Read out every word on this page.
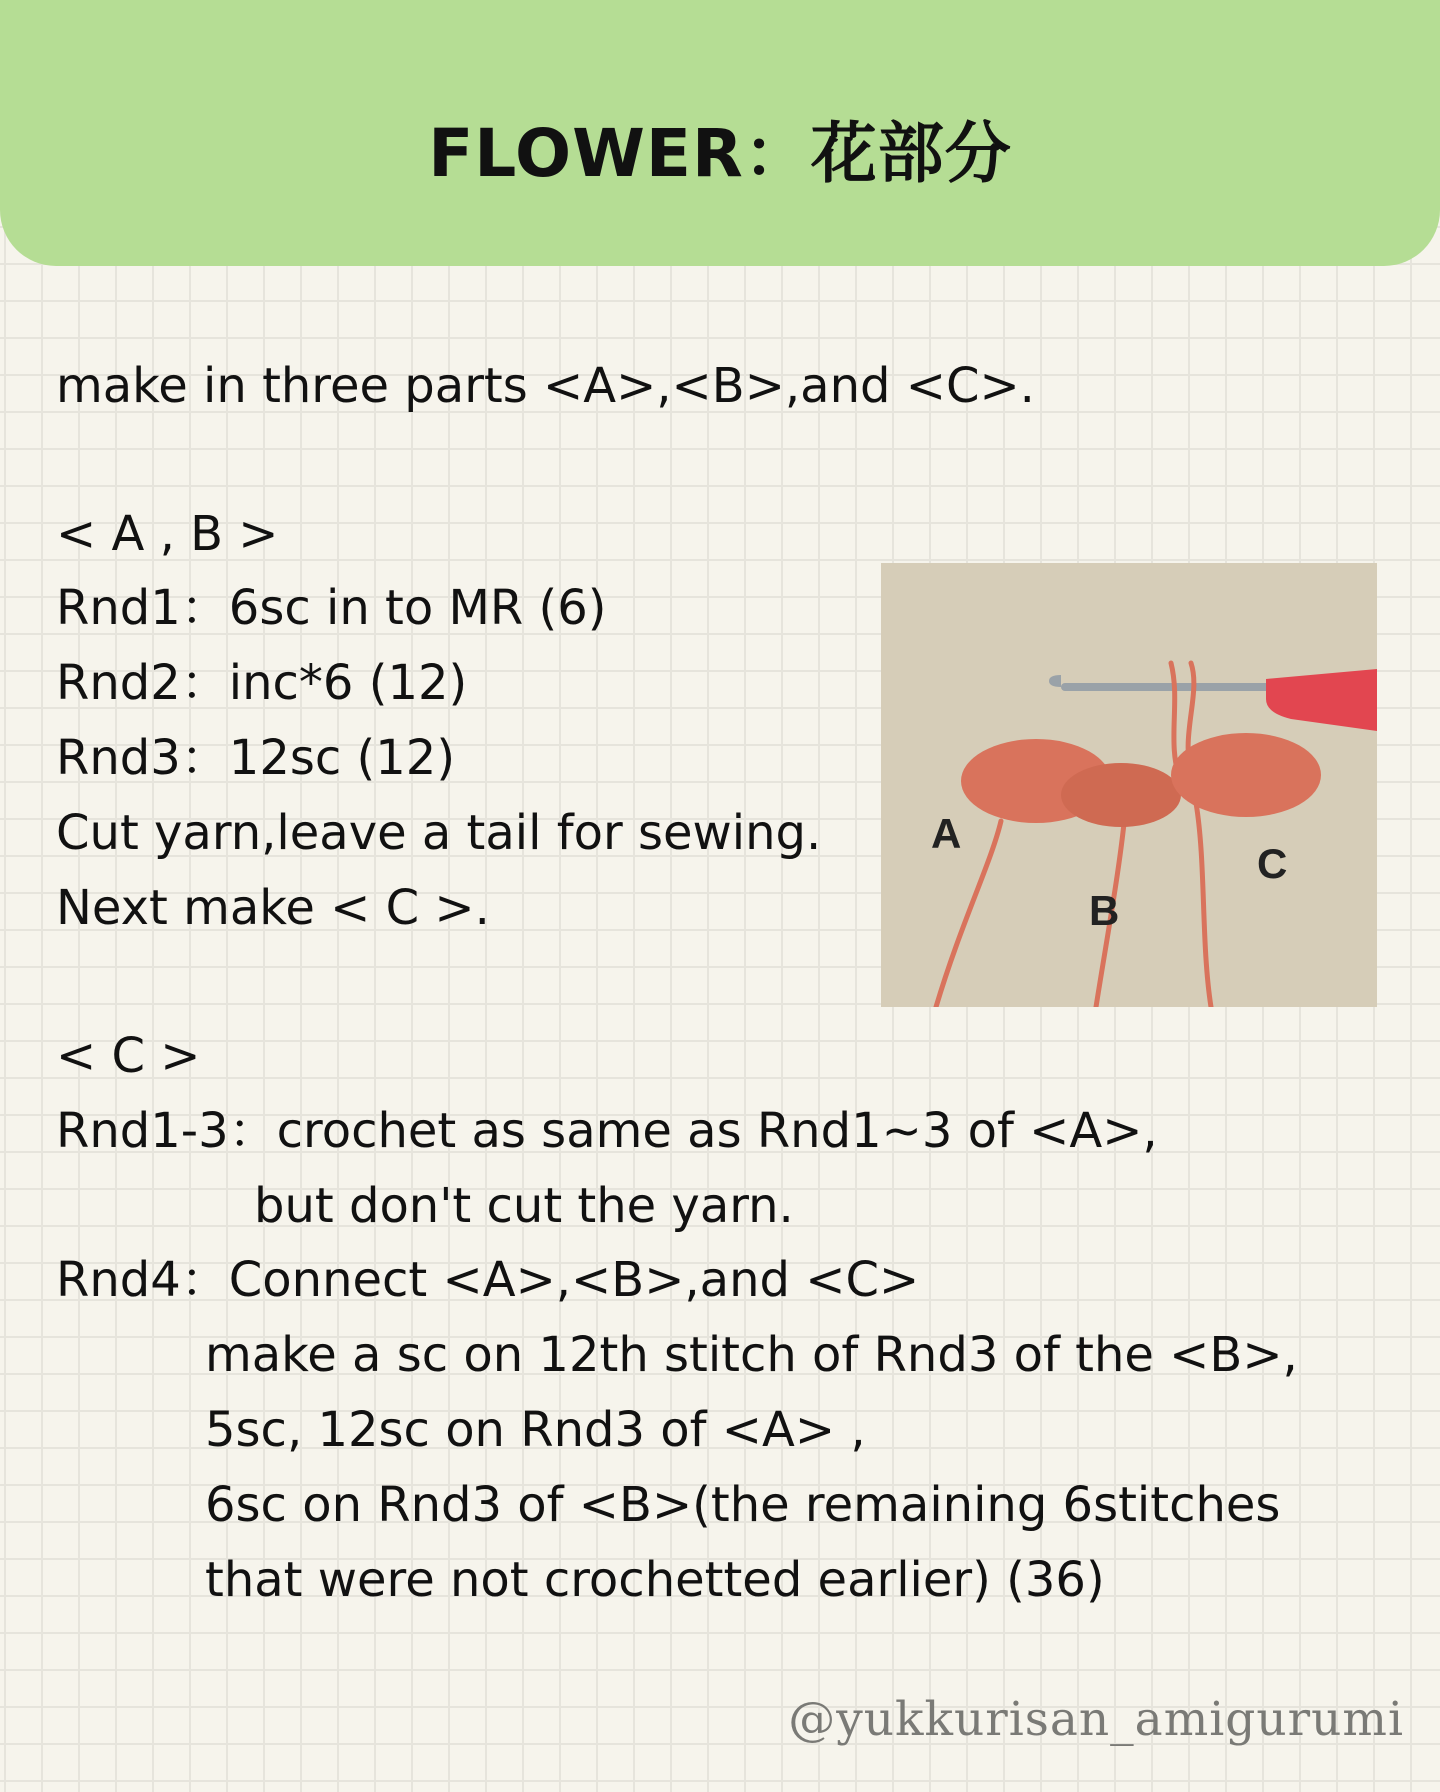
FLOWER：花部分
make in three parts <A>,<B>,and <C>.
< A , B >
Rnd1：6sc in to MR (6)
Rnd2：inc*6 (12)
Rnd3：12sc (12)
Cut yarn,leave a tail for sewing.
Next make < C >.
A
B
C
< C >
Rnd1-3：crochet as same as Rnd1~3 of <A>,
but don't cut the yarn.
Rnd4：Connect <A>,<B>,and <C>
make a sc on 12th stitch of Rnd3 of the <B>,
5sc, 12sc on Rnd3 of <A> ,
6sc on Rnd3 of <B>(the remaining 6stitches
that were not crochetted earlier) (36)
@yukkurisan_amigurumi
